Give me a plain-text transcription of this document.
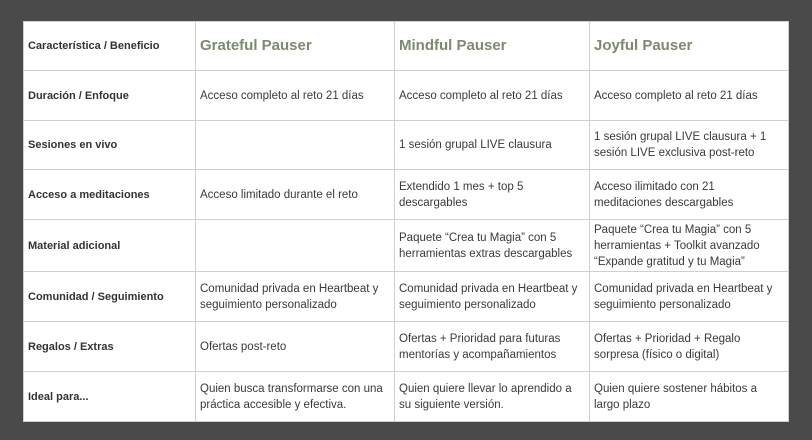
Característica / Beneficio	Grateful Pauser	Mindful Pauser	Joyful Pauser
Duración / Enfoque	Acceso completo al reto 21 días	Acceso completo al reto 21 días	Acceso completo al reto 21 días
Sesiones en vivo		1 sesión grupal LIVE clausura	1 sesión grupal LIVE clausura + 1 sesión LIVE exclusiva post-reto
Acceso a meditaciones	Acceso limitado durante el reto	Extendido 1 mes + top 5 descargables	Acceso ilimitado con 21 meditaciones descargables
Material adicional		Paquete “Crea tu Magia” con 5 herramientas extras descargables	Paquete “Crea tu Magia” con 5 herramientas + Toolkit avanzado “Expande gratitud y tu Magia”
Comunidad / Seguimiento	Comunidad privada en Heartbeat y seguimiento personalizado	Comunidad privada en Heartbeat y seguimiento personalizado	Comunidad privada en Heartbeat y seguimiento personalizado
Regalos / Extras	Ofertas post-reto	Ofertas + Prioridad para futuras mentorías y acompañamientos	Ofertas + Prioridad + Regalo sorpresa (físico o digital)
Ideal para...	Quien busca transformarse con una práctica accesible y efectiva.	Quien quiere llevar lo aprendido a su siguiente versión.	Quien quiere sostener hábitos a largo plazo
